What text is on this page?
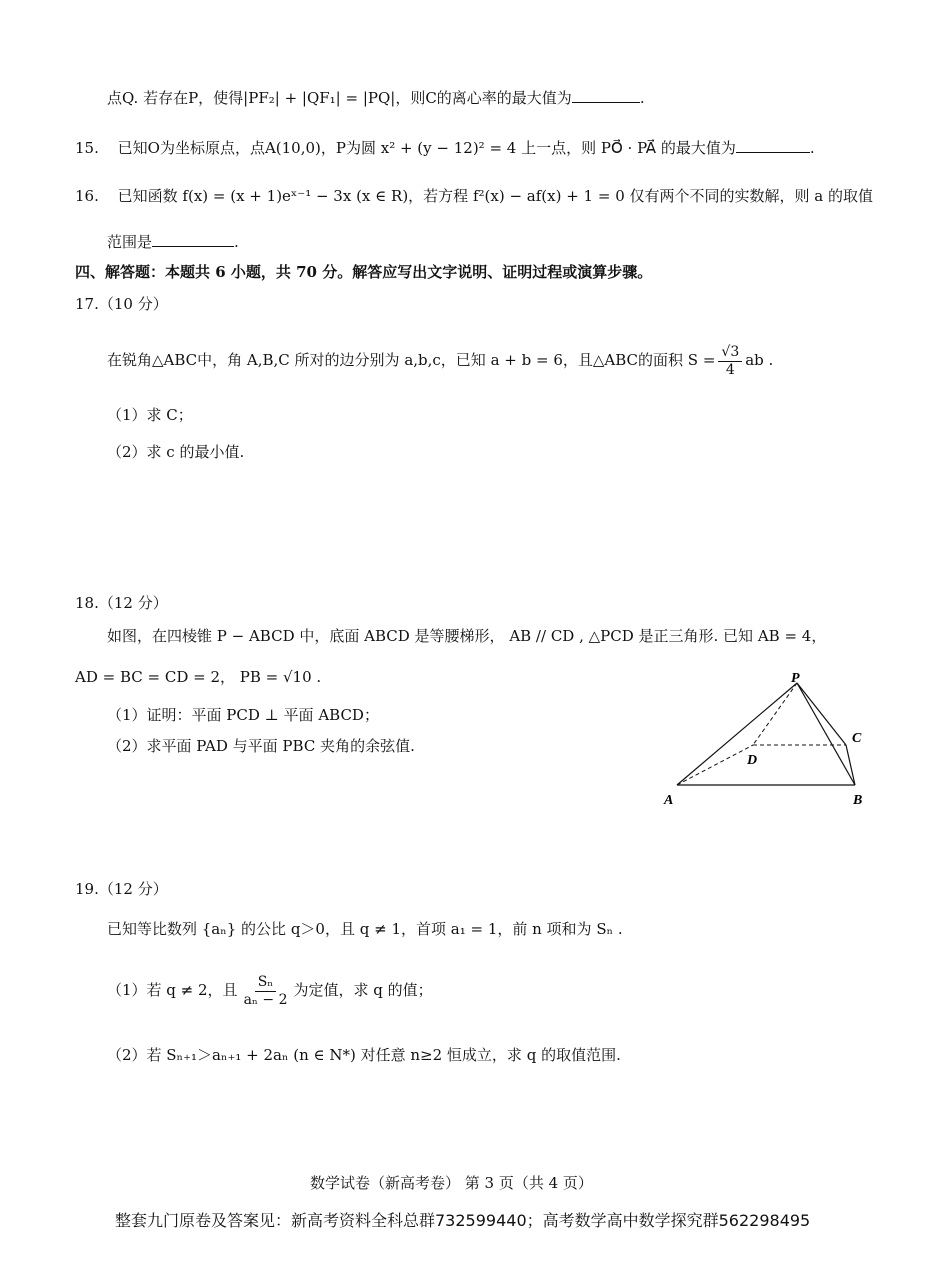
点Q. 若存在P，使得|PF₂| + |QF₁| = |PQ|，则C的离心率的最大值为	.
15. 已知O为坐标原点，点A(10,0)，P为圆 x² + (y − 12)² = 4 上一点，则 PO⃗ · PA⃗ 的最大值为	.
16. 已知函数 f(x) = (x + 1)eˣ⁻¹ − 3x (x ∈ R)，若方程 f²(x) − af(x) + 1 = 0 仅有两个不同的实数解，则 a 的取值
范围是	.
四、解答题：本题共 6 小题，共 70 分。解答应写出文字说明、证明过程或演算步骤。
17.（10 分）
在锐角△ABC中，角 A,B,C 所对的边分别为 a,b,c，已知 a + b = 6，且△ABC的面积 $S = \frac{√3}{4}$ ab .
（1）求 C；
（2）求 c 的最小值.
18.（12 分）
如图，在四棱锥 P − ABCD 中，底面 ABCD 是等腰梯形， AB // CD , △PCD 是正三角形. 已知 AB = 4，
AD = BC = CD = 2， PB = √10 .
（1）证明：平面 PCD ⊥ 平面 ABCD；
（2）求平面 PAD 与平面 PBC 夹角的余弦值.
P
C
D
A	B
19.（12 分）
已知等比数列 {aₙ} 的公比 q＞0，且 q ≠ 1，首项 a₁ = 1，前 n 项和为 Sₙ .
（1）若 q ≠ 2，且 $\frac{\text{Sₙ}}{\text{aₙ − 2}}$ 为定值，求 q 的值；
（2）若 Sₙ₊₁＞aₙ₊₁ + 2aₙ (n ∈ N*) 对任意 n≥2 恒成立，求 q 的取值范围.
数学试卷（新高考卷） 第 3 页（共 4 页）
整套九门原卷及答案见：新高考资料全科总群732599440；高考数学高中数学探究群562298495
